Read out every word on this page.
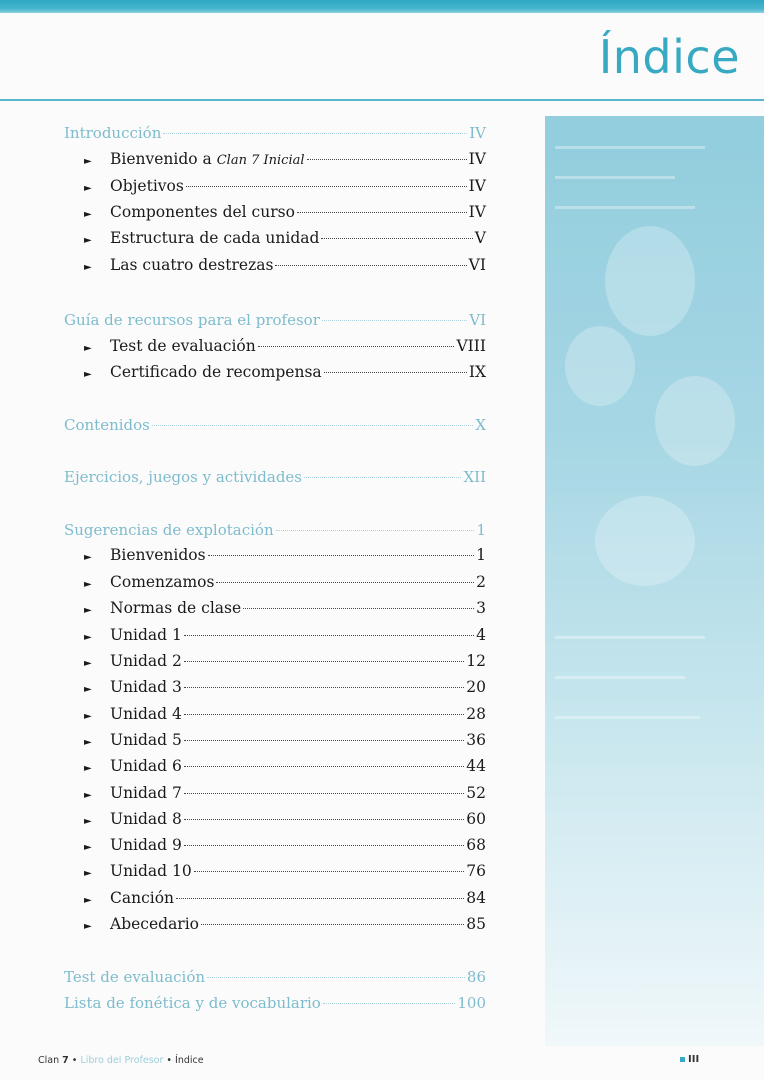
Índice
Introducción	IV
►	Bienvenido a Clan 7 Inicial	IV
►	Objetivos	IV
►	Componentes del curso	IV
►	Estructura de cada unidad	V
►	Las cuatro destrezas	VI
Guía de recursos para el profesor	VI
►	Test de evaluación	VIII
►	Certificado de recompensa	IX
Contenidos	X
Ejercicios, juegos y actividades	XII
Sugerencias de explotación	1
►	Bienvenidos	1
►	Comenzamos	2
►	Normas de clase	3
►	Unidad 1	4
►	Unidad 2	12
►	Unidad 3	20
►	Unidad 4	28
►	Unidad 5	36
►	Unidad 6	44
►	Unidad 7	52
►	Unidad 8	60
►	Unidad 9	68
►	Unidad 10	76
►	Canción	84
►	Abecedario	85
Test de evaluación	86
Lista de fonética y de vocabulario	100
Clan 7 • Libro del Profesor • Índice	III
